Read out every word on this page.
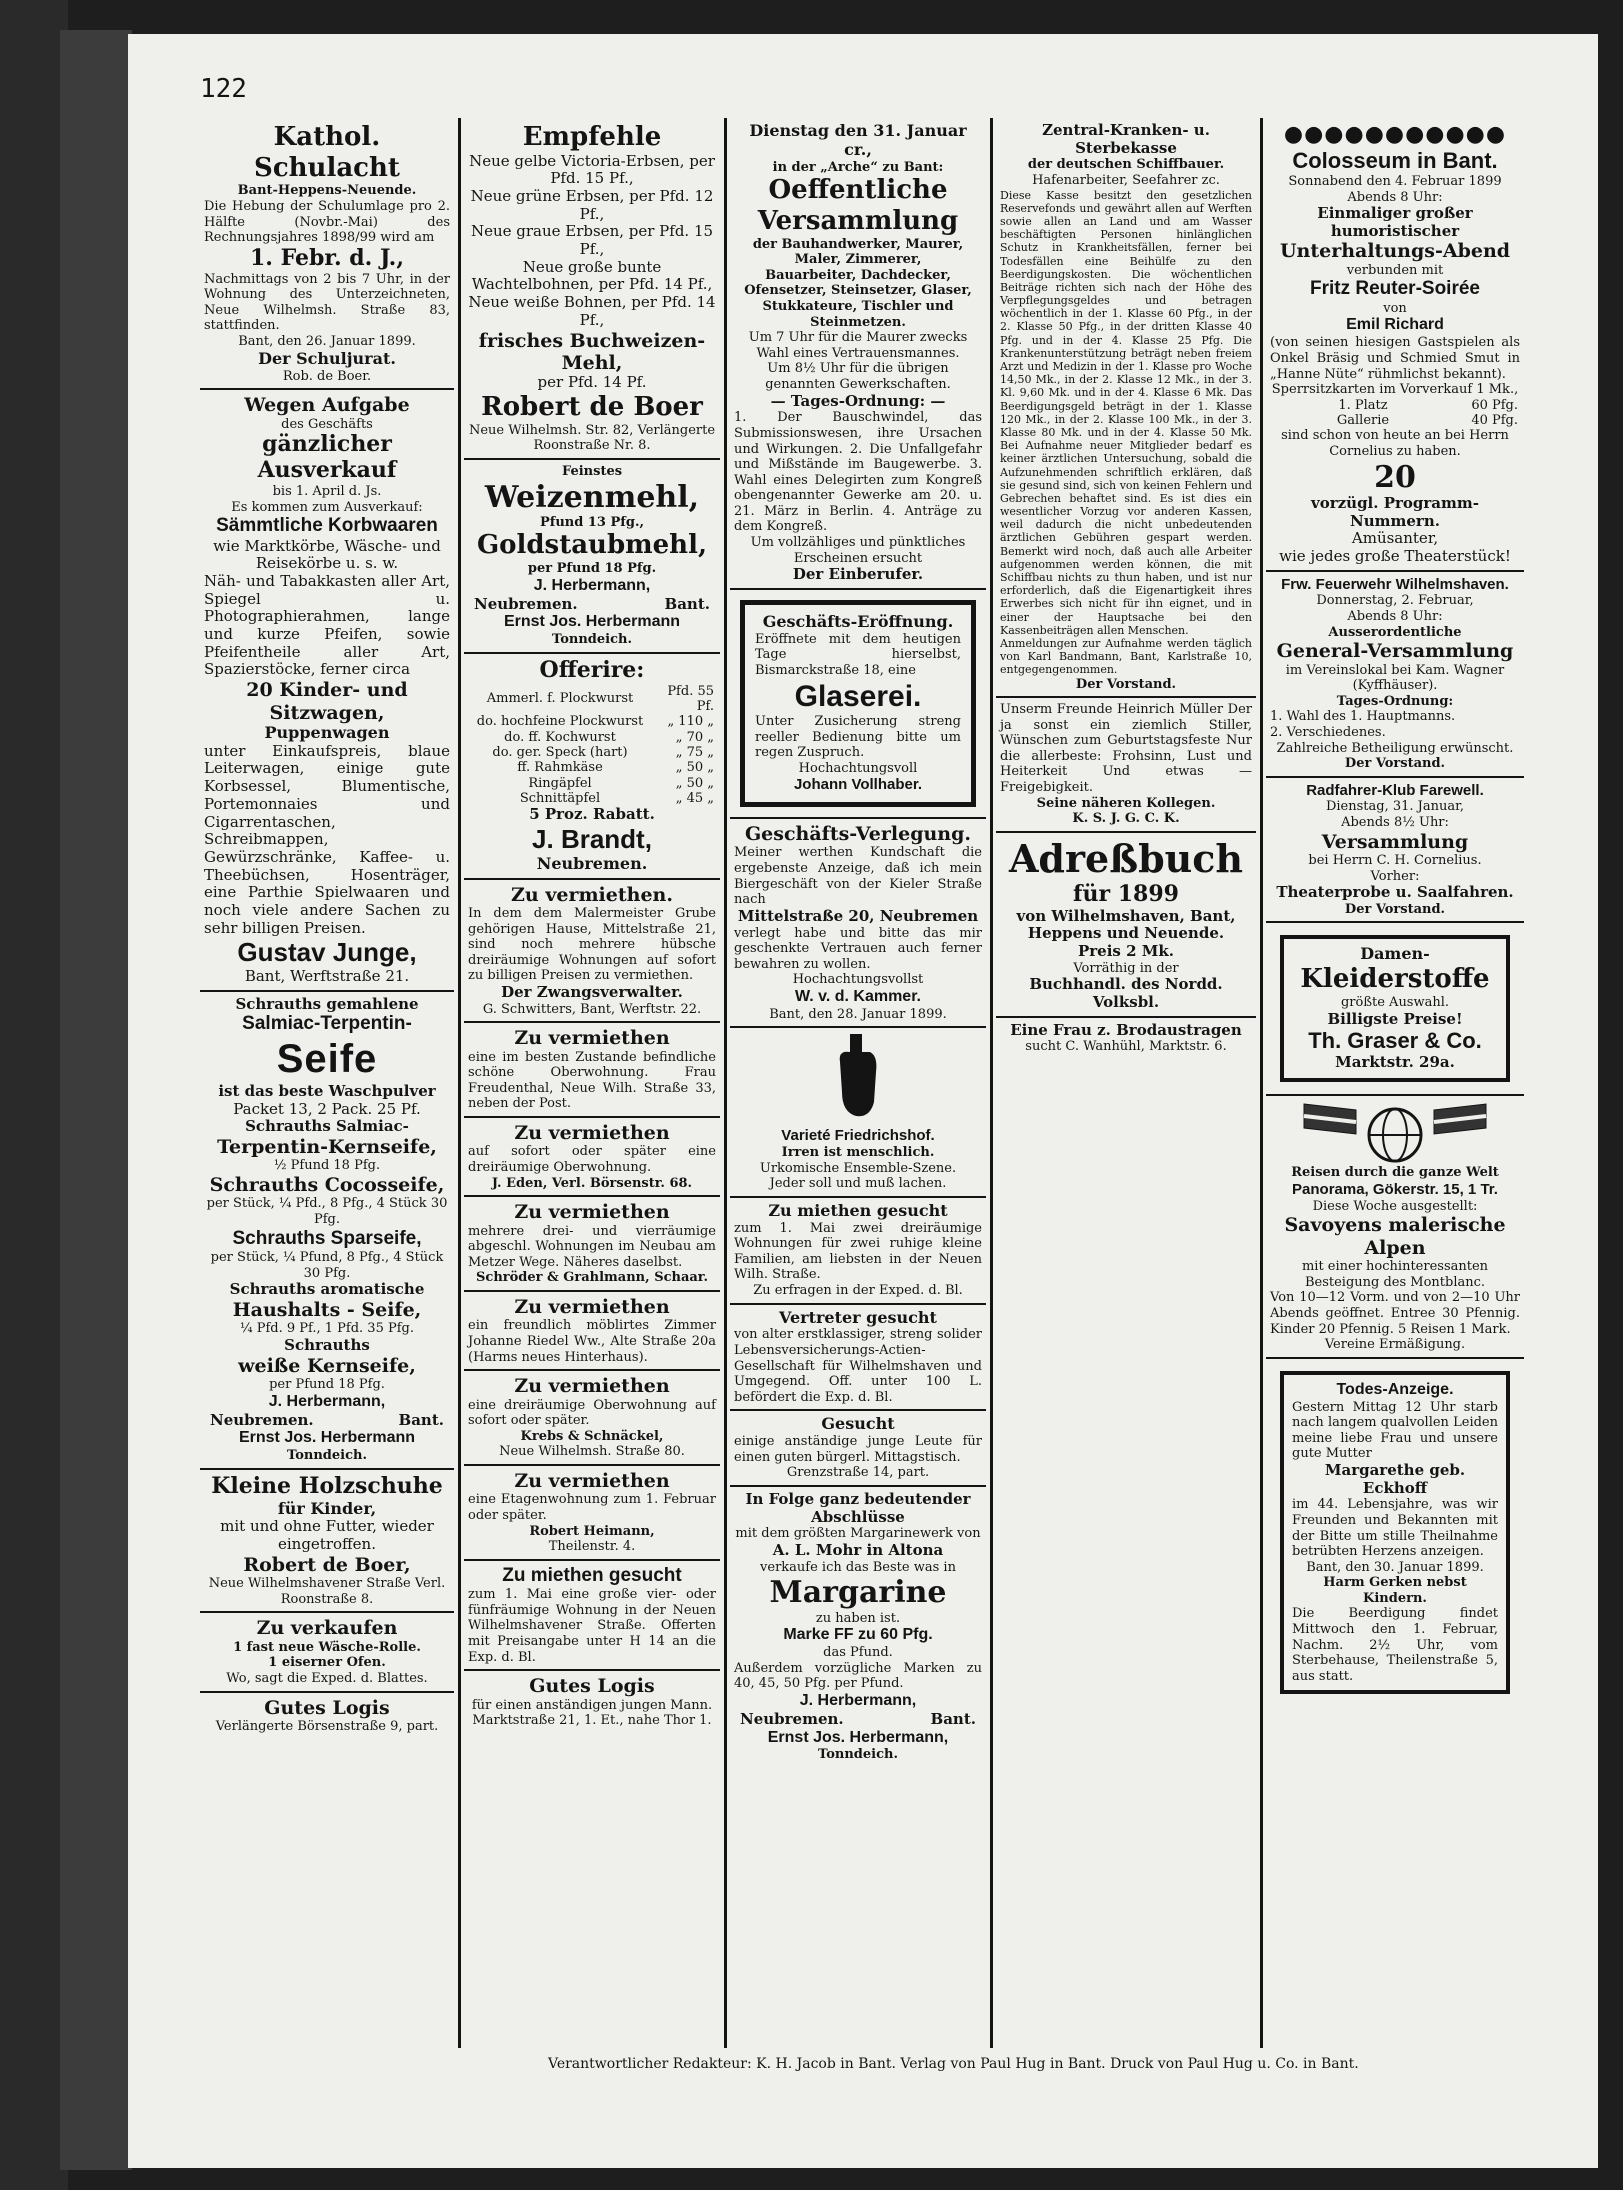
122
Kathol. Schulacht
Bant-Heppens-Neuende.
Die Hebung der Schulumlage pro 2. Hälfte (Novbr.-Mai) des Rechnungsjahres 1898/99 wird am
1. Febr. d. J.,
Nachmittags von 2 bis 7 Uhr, in der Wohnung des Unterzeichneten, Neue Wilhelmsh. Straße 83, stattfinden.
Bant, den 26. Januar 1899.
Der Schuljurat.
Rob. de Boer.
Wegen Aufgabe
des Geschäfts
gänzlicher Ausverkauf
bis 1. April d. Js.
Es kommen zum Ausverkauf:
Sämmtliche Korbwaaren
wie Marktkörbe, Wäsche- und Reisekörbe u. s. w.
Näh- und Tabakkasten aller Art, Spiegel u. Photographierahmen, lange und kurze Pfeifen, sowie Pfeifentheile aller Art, Spazierstöcke, ferner circa
20 Kinder- und Sitzwagen,
Puppenwagen
unter Einkaufspreis, blaue Leiterwagen, einige gute Korbsessel, Blumentische, Portemonnaies und Cigarrentaschen, Schreibmappen, Gewürzschränke, Kaffee- u. Theebüchsen, Hosenträger, eine Parthie Spielwaaren und noch viele andere Sachen zu sehr billigen Preisen.
Gustav Junge,
Bant, Werftstraße 21.
Schrauths gemahlene
Salmiac-Terpentin-
Seife
ist das beste Waschpulver
Packet 13, 2 Pack. 25 Pf.
Schrauths Salmiac-
Terpentin-Kernseife,
½ Pfund 18 Pfg.
Schrauths Cocosseife,
per Stück, ¼ Pfd., 8 Pfg., 4 Stück 30 Pfg.
Schrauths Sparseife,
per Stück, ¼ Pfund, 8 Pfg., 4 Stück 30 Pfg.
Schrauths aromatische
Haushalts - Seife,
¼ Pfd. 9 Pf., 1 Pfd. 35 Pfg.
Schrauths
weiße Kernseife,
per Pfund 18 Pfg.
J. Herbermann,
Neubremen.	Bant.
Ernst Jos. Herbermann
Tonndeich.
Kleine Holzschuhe
für Kinder,
mit und ohne Futter, wieder eingetroffen.
Robert de Boer,
Neue Wilhelmshavener Straße Verl. Roonstraße 8.
Zu verkaufen
1 fast neue Wäsche-Rolle.
1 eiserner Ofen.
Wo, sagt die Exped. d. Blattes.
Gutes Logis
Verlängerte Börsenstraße 9, part.
Empfehle
Neue gelbe Victoria-Erbsen, per Pfd. 15 Pf.,
Neue grüne Erbsen, per Pfd. 12 Pf.,
Neue graue Erbsen, per Pfd. 15 Pf.,
Neue große bunte Wachtelbohnen, per Pfd. 14 Pf.,
Neue weiße Bohnen, per Pfd. 14 Pf.,
frisches Buchweizen-Mehl,
per Pfd. 14 Pf.
Robert de Boer
Neue Wilhelmsh. Str. 82, Verlängerte Roonstraße Nr. 8.
Feinstes
Weizenmehl,
Pfund 13 Pfg.,
Goldstaubmehl,
per Pfund 18 Pfg.
J. Herbermann,
Neubremen.	Bant.
Ernst Jos. Herbermann
Tonndeich.
Offerire:
Ammerl. f. Plockwurst	Pfd. 55 Pf.
do. hochfeine Plockwurst	„ 110 „
do. ff. Kochwurst	„ 70 „
do. ger. Speck (hart)	„ 75 „
ff. Rahmkäse	„ 50 „
Ringäpfel	„ 50 „
Schnittäpfel	„ 45 „
5 Proz. Rabatt.
J. Brandt,
Neubremen.
Zu vermiethen.
In dem dem Malermeister Grube gehörigen Hause, Mittelstraße 21, sind noch mehrere hübsche dreiräumige Wohnungen auf sofort zu billigen Preisen zu vermiethen.
Der Zwangsverwalter.
G. Schwitters, Bant, Werftstr. 22.
Zu vermiethen
eine im besten Zustande befindliche schöne Oberwohnung. Frau Freudenthal, Neue Wilh. Straße 33, neben der Post.
Zu vermiethen
auf sofort oder später eine dreiräumige Oberwohnung.
J. Eden, Verl. Börsenstr. 68.
Zu vermiethen
mehrere drei- und vierräumige abgeschl. Wohnungen im Neubau am Metzer Wege. Näheres daselbst.
Schröder & Grahlmann, Schaar.
Zu vermiethen
ein freundlich möblirtes Zimmer Johanne Riedel Ww., Alte Straße 20a (Harms neues Hinterhaus).
Zu vermiethen
eine dreiräumige Oberwohnung auf sofort oder später.
Krebs & Schnäckel,
Neue Wilhelmsh. Straße 80.
Zu vermiethen
eine Etagenwohnung zum 1. Februar oder später.
Robert Heimann,
Theilenstr. 4.
Zu miethen gesucht
zum 1. Mai eine große vier- oder fünfräumige Wohnung in der Neuen Wilhelmshavener Straße. Offerten mit Preisangabe unter H 14 an die Exp. d. Bl.
Gutes Logis
für einen anständigen jungen Mann. Marktstraße 21, 1. Et., nahe Thor 1.
Dienstag den 31. Januar cr.,
in der „Arche“ zu Bant:
Oeffentliche Versammlung
der Bauhandwerker, Maurer, Maler, Zimmerer,
Bauarbeiter, Dachdecker, Ofensetzer, Steinsetzer, Glaser,
Stukkateure, Tischler und Steinmetzen.
Um 7 Uhr für die Maurer zwecks Wahl eines Vertrauensmannes.
Um 8½ Uhr für die übrigen genannten Gewerkschaften.
— Tages-Ordnung: —
1. Der Bauschwindel, das Submissionswesen, ihre Ursachen und Wirkungen. 2. Die Unfallgefahr und Mißstände im Baugewerbe. 3. Wahl eines Delegirten zum Kongreß obengenannter Gewerke am 20. u. 21. März in Berlin. 4. Anträge zu dem Kongreß.
Um vollzähliges und pünktliches Erscheinen ersucht
Der Einberufer.
Geschäfts-Eröffnung.
Eröffnete mit dem heutigen Tage hierselbst, Bismarckstraße 18, eine
Glaserei.
Unter Zusicherung streng reeller Bedienung bitte um regen Zuspruch.
Hochachtungsvoll
Johann Vollhaber.
Geschäfts-Verlegung.
Meiner werthen Kundschaft die ergebenste Anzeige, daß ich mein Biergeschäft von der Kieler Straße nach
Mittelstraße 20, Neubremen
verlegt habe und bitte das mir geschenkte Vertrauen auch ferner bewahren zu wollen.
Hochachtungsvollst
W. v. d. Kammer.
Bant, den 28. Januar 1899.
Varieté Friedrichshof.
Irren ist menschlich.
Urkomische Ensemble-Szene.
Jeder soll und muß lachen.
Zu miethen gesucht
zum 1. Mai zwei dreiräumige Wohnungen für zwei ruhige kleine Familien, am liebsten in der Neuen Wilh. Straße.
Zu erfragen in der Exped. d. Bl.
Vertreter gesucht
von alter erstklassiger, streng solider Lebensversicherungs-Actien-Gesellschaft für Wilhelmshaven und Umgegend. Off. unter 100 L. befördert die Exp. d. Bl.
Gesucht
einige anständige junge Leute für einen guten bürgerl. Mittagstisch.
Grenzstraße 14, part.
In Folge ganz bedeutender Abschlüsse
mit dem größten Margarinewerk von
A. L. Mohr in Altona
verkaufe ich das Beste was in
Margarine
zu haben ist.
Marke FF zu 60 Pfg.
das Pfund.
Außerdem vorzügliche Marken zu 40, 45, 50 Pfg. per Pfund.
J. Herbermann,
Neubremen.	Bant.
Ernst Jos. Herbermann,
Tonndeich.
Zentral-Kranken- u. Sterbekasse
der deutschen Schiffbauer.
Hafenarbeiter, Seefahrer zc.
Diese Kasse besitzt den gesetzlichen Reservefonds und gewährt allen auf Werften sowie allen an Land und am Wasser beschäftigten Personen hinlänglichen Schutz in Krankheitsfällen, ferner bei Todesfällen eine Beihülfe zu den Beerdigungskosten. Die wöchentlichen Beiträge richten sich nach der Höhe des Verpflegungsgeldes und betragen wöchentlich in der 1. Klasse 60 Pfg., in der 2. Klasse 50 Pfg., in der dritten Klasse 40 Pfg. und in der 4. Klasse 25 Pfg. Die Krankenunterstützung beträgt neben freiem Arzt und Medizin in der 1. Klasse pro Woche 14,50 Mk., in der 2. Klasse 12 Mk., in der 3. Kl. 9,60 Mk. und in der 4. Klasse 6 Mk. Das Beerdigungsgeld beträgt in der 1. Klasse 120 Mk., in der 2. Klasse 100 Mk., in der 3. Klasse 80 Mk. und in der 4. Klasse 50 Mk. Bei Aufnahme neuer Mitglieder bedarf es keiner ärztlichen Untersuchung, sobald die Aufzunehmenden schriftlich erklären, daß sie gesund sind, sich von keinen Fehlern und Gebrechen behaftet sind. Es ist dies ein wesentlicher Vorzug vor anderen Kassen, weil dadurch die nicht unbedeutenden ärztlichen Gebühren gespart werden. Bemerkt wird noch, daß auch alle Arbeiter aufgenommen werden können, die mit Schiffbau nichts zu thun haben, und ist nur erforderlich, daß die Eigenartigkeit ihres Erwerbes sich nicht für ihn eignet, und in einer der Hauptsache bei den Kassenbeiträgen allen Menschen.
Anmeldungen zur Aufnahme werden täglich von Karl Bandmann, Bant, Karlstraße 10, entgegengenommen.
Der Vorstand.
Unserm Freunde Heinrich Müller Der ja sonst ein ziemlich Stiller, Wünschen zum Geburtstagsfeste Nur die allerbeste: Frohsinn, Lust und Heiterkeit Und etwas — Freigebigkeit.
Seine näheren Kollegen.
K. S. J. G. C. K.
Adreßbuch
für 1899
von Wilhelmshaven, Bant, Heppens und Neuende.
Preis 2 Mk.
Vorräthig in der
Buchhandl. des Nordd. Volksbl.
Eine Frau z. Brodaustragen
sucht C. Wanhühl, Marktstr. 6.
●●●●●●●●●●●
Colosseum in Bant.
Sonnabend den 4. Februar 1899
Abends 8 Uhr:
Einmaliger großer humoristischer
Unterhaltungs-Abend
verbunden mit
Fritz Reuter-Soirée
von
Emil Richard
(von seinen hiesigen Gastspielen als Onkel Bräsig und Schmied Smut in „Hanne Nüte“ rühmlichst bekannt).
Sperrsitzkarten im Vorverkauf 1 Mk.,
1. Platz	60 Pfg.
Gallerie	40 Pfg.
sind schon von heute an bei Herrn Cornelius zu haben.
20
vorzügl. Programm-Nummern.
Amüsanter,
wie jedes große Theaterstück!
Frw. Feuerwehr Wilhelmshaven.
Donnerstag, 2. Februar,
Abends 8 Uhr:
Ausserordentliche
General-Versammlung
im Vereinslokal bei Kam. Wagner (Kyffhäuser).
Tages-Ordnung:
1. Wahl des 1. Hauptmanns.
2. Verschiedenes.
Zahlreiche Betheiligung erwünscht.
Der Vorstand.
Radfahrer-Klub Farewell.
Dienstag, 31. Januar,
Abends 8½ Uhr:
Versammlung
bei Herrn C. H. Cornelius.
Vorher:
Theaterprobe u. Saalfahren.
Der Vorstand.
Damen-
Kleiderstoffe
größte Auswahl.
Billigste Preise!
Th. Graser & Co.
Marktstr. 29a.

Reisen durch die ganze Welt
Panorama, Gökerstr. 15, 1 Tr.
Diese Woche ausgestellt:
Savoyens malerische Alpen
mit einer hochinteressanten Besteigung des Montblanc.
Von 10—12 Vorm. und von 2—10 Uhr Abends geöffnet. Entree 30 Pfennig. Kinder 20 Pfennig. 5 Reisen 1 Mark.
Vereine Ermäßigung.
Todes-Anzeige.
Gestern Mittag 12 Uhr starb nach langem qualvollen Leiden meine liebe Frau und unsere gute Mutter
Margarethe geb. Eckhoff
im 44. Lebensjahre, was wir Freunden und Bekannten mit der Bitte um stille Theilnahme betrübten Herzens anzeigen.
Bant, den 30. Januar 1899.
Harm Gerken nebst Kindern.
Die Beerdigung findet Mittwoch den 1. Februar, Nachm. 2½ Uhr, vom Sterbehause, Theilenstraße 5, aus statt.
Verantwortlicher Redakteur: K. H. Jacob in Bant. Verlag von Paul Hug in Bant. Druck von Paul Hug u. Co. in Bant.
